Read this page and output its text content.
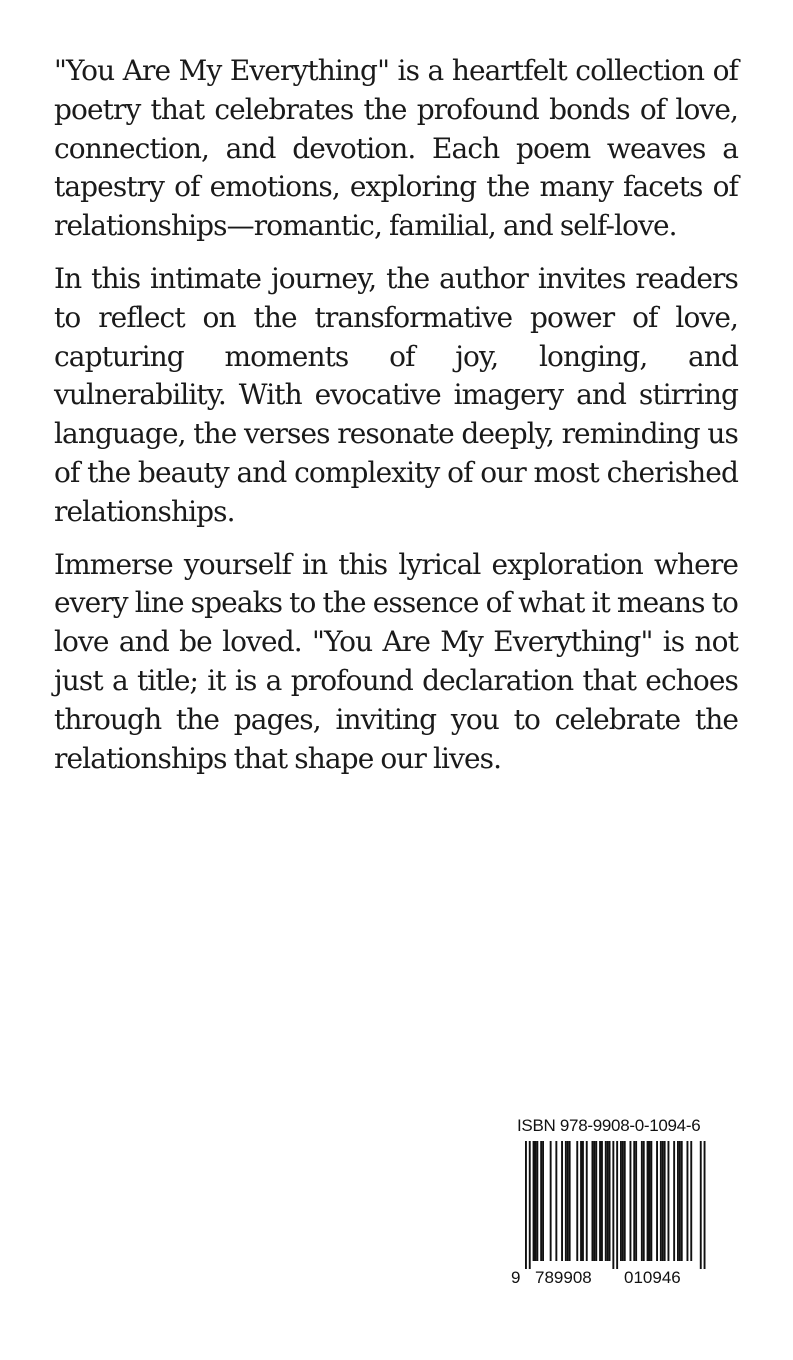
"You Are My Everything" is a heartfelt collection of poetry that celebrates the profound bonds of love, connection, and devotion. Each poem weaves a tapestry of emotions, exploring the many facets of relationships—romantic, familial, and self-love.

In this intimate journey, the author invites readers to reflect on the transformative power of love, capturing moments of joy, longing, and vulnerability. With evocative imagery and stirring language, the verses resonate deeply, reminding us of the beauty and complexity of our most cherished relationships.

Immerse yourself in this lyrical exploration where every line speaks to the essence of what it means to love and be loved. "You Are My Everything" is not just a title; it is a profound declaration that echoes through the pages, inviting you to celebrate the relationships that shape our lives.

ISBN 978-9908-0-1094-6
9 789908 010946
